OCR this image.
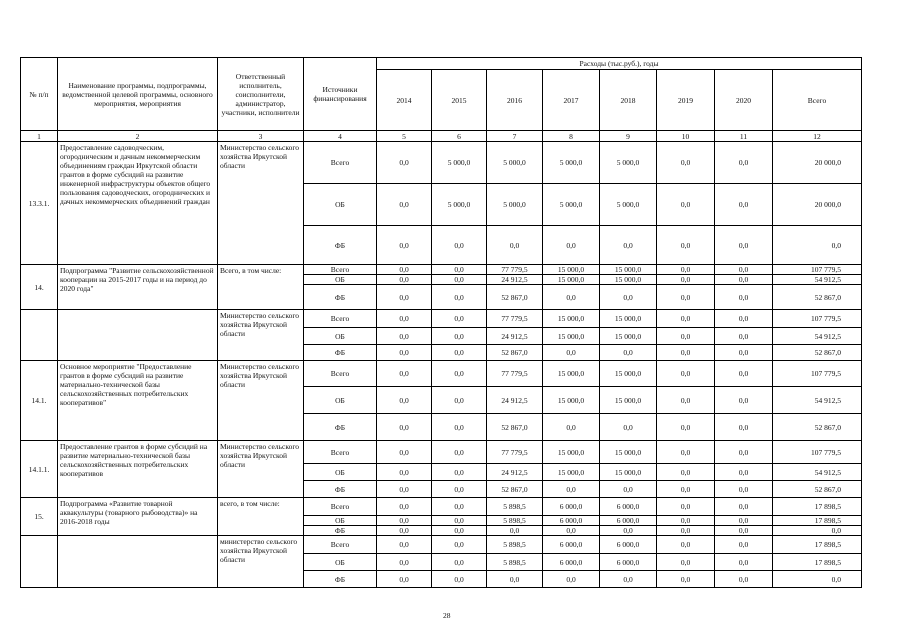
№ п/п	Наименование программы, подпрограммы, ведомственной целевой программы, основного мероприятия, мероприятия	Ответственный исполнитель, соисполнители, администратор, участники, исполнители	Источники финансирования	Расходы (тыс.руб.), годы							
				2014	2015	2016	2017	2018	2019	2020	Всего
1	2	3	4	5	6	7	8	9	10	11	12
13.3.1.	Предоставление садоводческим, огородническим и дачным некоммерческим объединениям граждан Иркутской области грантов в форме субсидий на развитие инженерной инфраструктуры объектов общего пользования садоводческих, огороднических и дачных некоммерческих объединений граждан	Министерство сельского хозяйства Иркутской области	Всего	0,0	5 000,0	5 000,0	5 000,0	5 000,0	0,0	0,0	20 000,0
			ОБ	0,0	5 000,0	5 000,0	5 000,0	5 000,0	0,0	0,0	20 000,0
			ФБ	0,0	0,0	0,0	0,0	0,0	0,0	0,0	0,0
14.	Подпрограмма "Развитие сельскохозяйственной кооперации на 2015-2017 годы и на период до 2020 года"	Всего, в том числе:	Всего	0,0	0,0	77 779,5	15 000,0	15 000,0	0,0	0,0	107 779,5
			ОБ	0,0	0,0	24 912,5	15 000,0	15 000,0	0,0	0,0	54 912,5
			ФБ	0,0	0,0	52 867,0	0,0	0,0	0,0	0,0	52 867,0
		Министерство сельского хозяйства Иркутской области	Всего	0,0	0,0	77 779,5	15 000,0	15 000,0	0,0	0,0	107 779,5
			ОБ	0,0	0,0	24 912,5	15 000,0	15 000,0	0,0	0,0	54 912,5
			ФБ	0,0	0,0	52 867,0	0,0	0,0	0,0	0,0	52 867,0
14.1.	Основное мероприятие "Предоставление грантов в форме субсидий на развитие материально-технической базы сельскохозяйственных потребительских кооперативов"	Министерство сельского хозяйства Иркутской области	Всего	0,0	0,0	77 779,5	15 000,0	15 000,0	0,0	0,0	107 779,5
			ОБ	0,0	0,0	24 912,5	15 000,0	15 000,0	0,0	0,0	54 912,5
			ФБ	0,0	0,0	52 867,0	0,0	0,0	0,0	0,0	52 867,0
14.1.1.	Предоставление грантов в форме субсидий на развитие материально-технической базы сельскохозяйственных потребительских кооперативов	Министерство сельского хозяйства Иркутской области	Всего	0,0	0,0	77 779,5	15 000,0	15 000,0	0,0	0,0	107 779,5
			ОБ	0,0	0,0	24 912,5	15 000,0	15 000,0	0,0	0,0	54 912,5
			ФБ	0,0	0,0	52 867,0	0,0	0,0	0,0	0,0	52 867,0
15.	Подпрограмма «Развитие товарной аквакультуры (товарного рыбоводства)» на 2016-2018 годы	всего, в том числе:	Всего	0,0	0,0	5 898,5	6 000,0	6 000,0	0,0	0,0	17 898,5
			ОБ	0,0	0,0	5 898,5	6 000,0	6 000,0	0,0	0,0	17 898,5
			ФБ	0,0	0,0	0,0	0,0	0,0	0,0	0,0	0,0
		министерство сельского хозяйства Иркутской области	Всего	0,0	0,0	5 898,5	6 000,0	6 000,0	0,0	0,0	17 898,5
			ОБ	0,0	0,0	5 898,5	6 000,0	6 000,0	0,0	0,0	17 898,5
			ФБ	0,0	0,0	0,0	0,0	0,0	0,0	0,0	0,0
28
